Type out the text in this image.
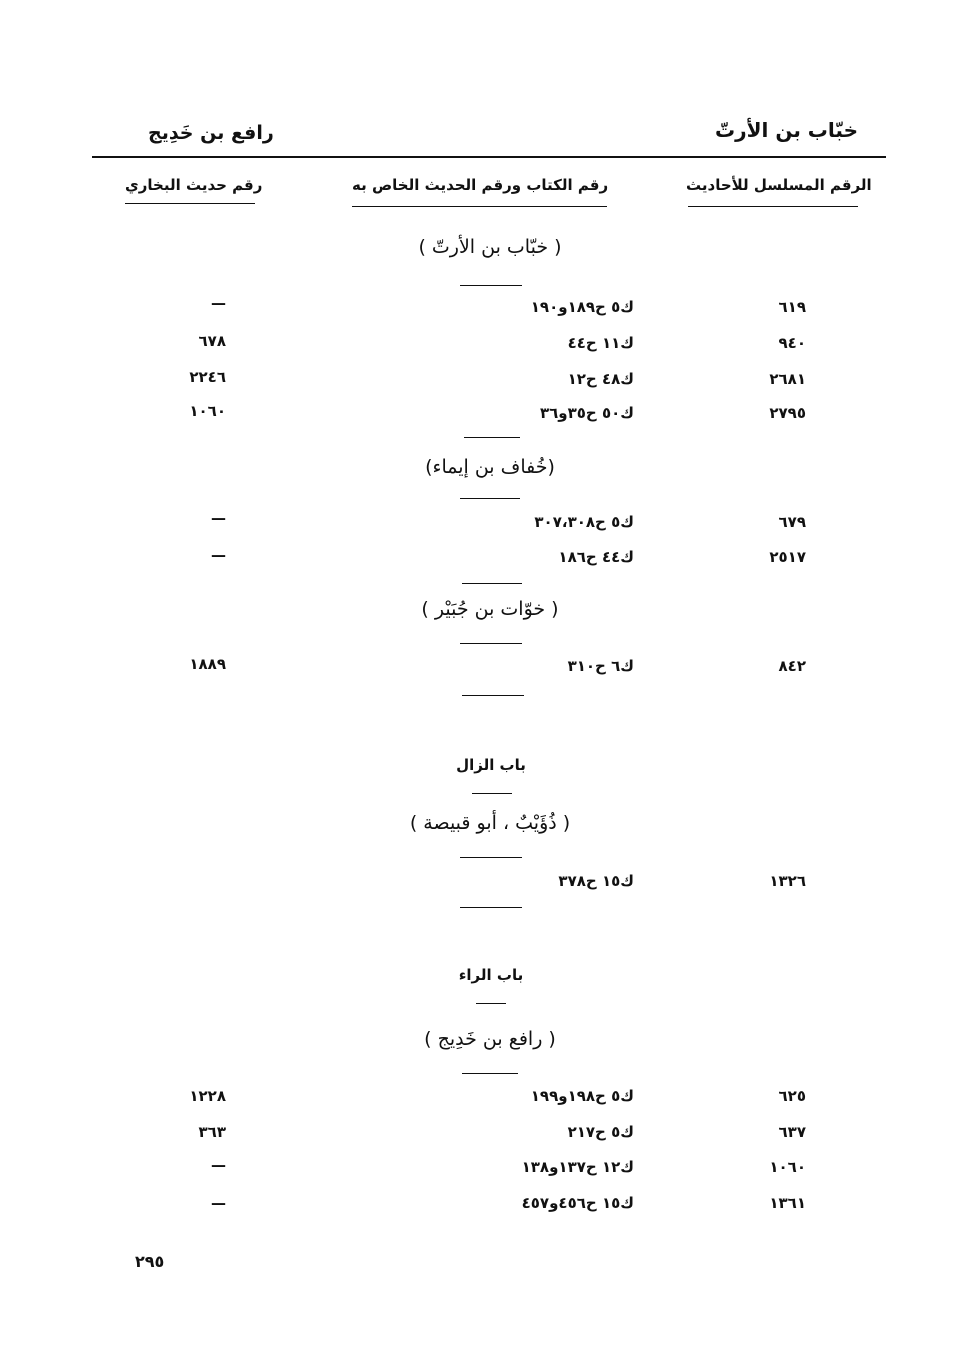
خبّاب بن الأرتّ
رافع بن خَدِيج
الرقم المسلسل للأحاديث
رقم الكتاب ورقم الحديث الخاص به
رقم حديث البخاري
( خبّاب بن الأرتّ )
٦١٩
ك٥ ح١٨٩و١٩٠
—
٩٤٠
ك١١ ح٤٤
٦٧٨
٢٦٨١
ك٤٨ ح١٢
٢٢٤٦
٢٧٩٥
ك٥٠ ح٣٥و٣٦
١٠٦٠
(خُفاف بن إيماء)
٦٧٩
ك٥ ح٣٠٧،٣٠٨
—
٢٥١٧
ك٤٤ ح١٨٦
—
( خوّات بن جُبَيْر )
٨٤٢
ك٦ ح٣١٠
١٨٨٩
باب الزال
( ذُؤَيْبٌ ، أبو قبيصة )
١٣٢٦
ك١٥ ح٣٧٨
باب الراء
( رافع بن خَدِيج )
٦٢٥
ك٥ ح١٩٨و١٩٩
١٢٢٨
٦٣٧
ك٥ ح٢١٧
٣٦٣
١٠٦٠
ك١٢ ح١٣٧و١٣٨
—
١٣٦١
ك١٥ ح٤٥٦و٤٥٧
—
٢٩٥
